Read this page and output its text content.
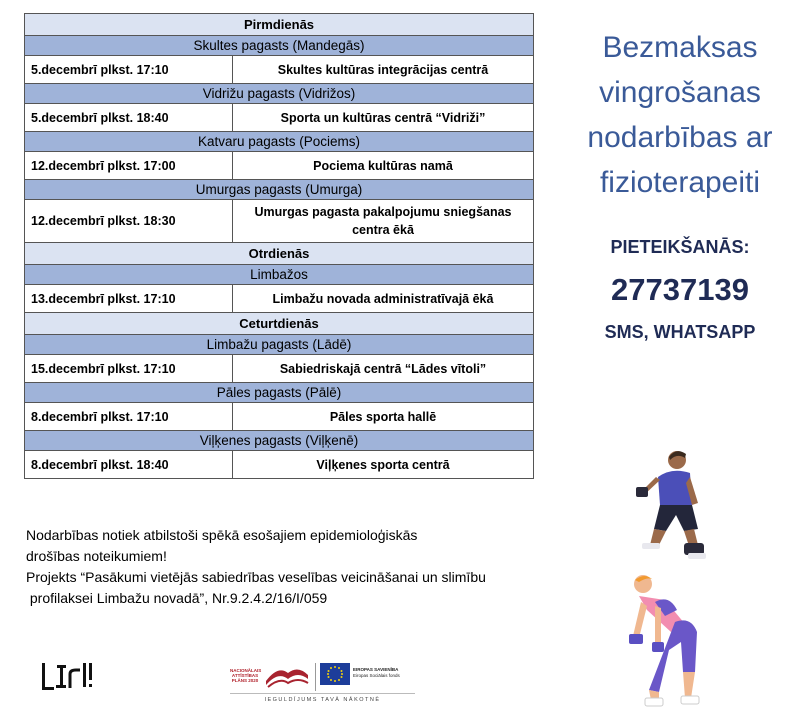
Pirmdienās	
Skultes pagasts (Mandegās)	
5.decembrī plkst. 17:10	Skultes kultūras integrācijas centrā
Vidrižu pagasts (Vidrižos)	
5.decembrī plkst. 18:40	Sporta un kultūras centrā “Vidriži”
Katvaru pagasts (Pociems)	
12.decembrī plkst. 17:00	Pociema kultūras namā
Umurgas pagasts (Umurga)	
12.decembrī plkst. 18:30	Umurgas pagasta pakalpojumu sniegšanas centra ēkā
Otrdienās	
Limbažos	
13.decembrī plkst. 17:10	Limbažu novada administratīvajā ēkā
Ceturtdienās	
Limbažu pagasts (Lādē)	
15.decembrī plkst. 17:10	Sabiedriskajā centrā “Lādes vītoli”
Pāles pagasts (Pālē)	
8.decembrī plkst. 17:10	Pāles sporta hallē
Viļķenes pagasts (Viļķenē)	
8.decembrī plkst. 18:40	Viļķenes sporta centrā
Bezmaksas
vingrošanas
nodarbības ar
fizioterapeiti
PIETEIKŠANĀS:
27737139
SMS, WHATSAPP
Nodarbības notiek atbilstoši spēkā esošajiem epidemioloģiskās
drošības noteikumiem!
Projekts “Pasākumi vietējās sabiedrības veselības veicināšanai un slimību
profilaksei Limbažu novadā”, Nr.9.2.4.2/16/I/059
NACIONĀLAIS ATTĪSTĪBAS PLĀNS 2020
EIROPAS SAVIENĪBA
Eiropas Sociālais fonds
IEGULDĪJUMS TAVĀ NĀKOTNĒ
